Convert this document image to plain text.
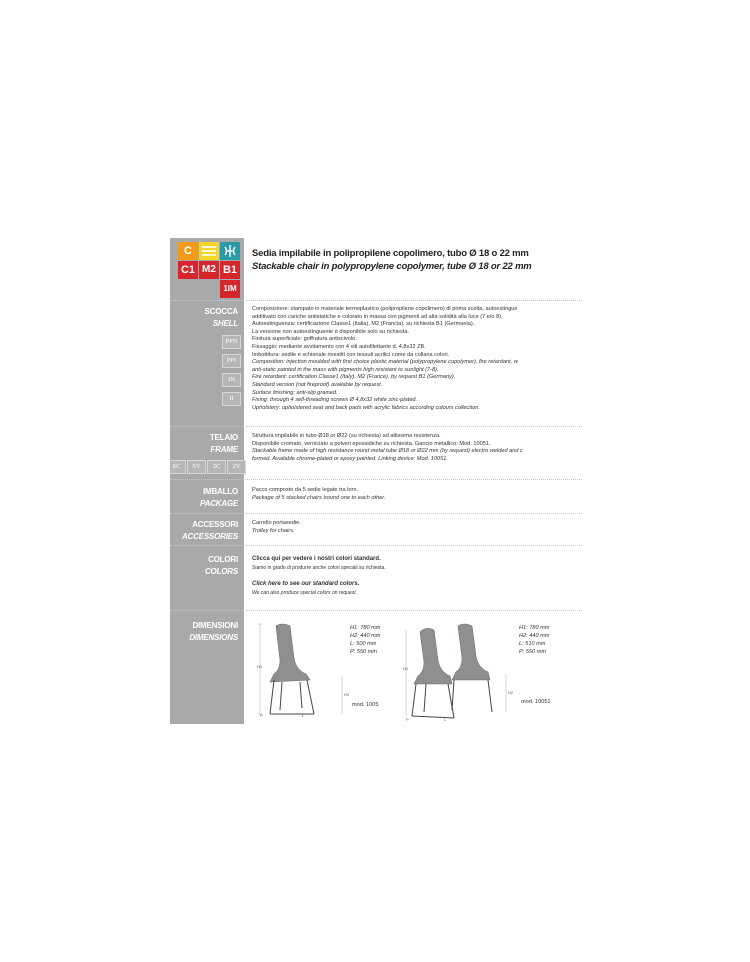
C
C1 M2 B1
1IM
Sedia impilabile in polipropilene copolimero, tubo Ø 18 o 22 mm
Stackable chair in polypropylene copolymer, tube Ø 18 or 22 mm
SCOCCA
SHELL
PPN
PPI
IN
II
Composizione: stampato in materiale termoplastico (polipropilene copolimero) di prima scelta, autoestingue
additivato con cariche antistatiche e colorato in massa con pigmenti ad alta solidità alla luce (7 e/o 8).
Autoestinguenza: certificazione Classe1 (Italia), M2 (Francia), su richiesta B1 (Germania).
La versione non autoestinguente è disponibile solo su richiesta.
Finitura superficiale: goffratura antiscivolo.
Fissaggio: mediante avvitamento con 4 viti autofilettante d. 4,8x32 ZB.
Imbottitura: sedile e schienale rivestiti con tessuti acrilici come da collana colori.
Composition: injection moulded with first choice plastic material (polypropylene copolymer), fire retardant, w
anti-static painted in the mass with pigments high resistant to sunlight (7-8).
Fire retardant: certification Classe1 (Italy), M2 (France), by request B1 (Germany).
Standard version (not fireproof) available by request.
Surface finishing: anti-slip grained.
Fixing: through 4 self-threading screws Ø 4,8x32 white zinc-plated.
Upholstery: upholstered seat and back pads with acrylic fabrics according colours collection.
TELAIO
FRAME
SC	SV	2C	2V
Struttura impilabile in tubo Ø18 or Ø22 (su richiesta) ad altissima resistenza.
Disponibile cromato, verniciato a polveri epossidiche su richiesta. Gancio metallico: Mod. 10051.
Stackable frame made of high resistance round metal tube Ø18 or Ø22 mm (by request) electro welded and c
formed. Available chrome-plated or epoxy painted. Linking device: Mod. 10051.
IMBALLO
PACKAGE
Pacco composto da 5 sedie legate tra loro.
Package of 5 stacked chairs bound one to each other.
ACCESSORI
ACCESSORIES
Carrello portasedie.
Trolley for chairs.
COLORI
COLORS
Clicca qui per vedere i nostri colori standard.
Siamo in grado di produrre anche colori speciali su richiesta.
Click here to see our standard colors.
We can also produce special colors on request.
DIMENSIONI
DIMENSIONS
H1
H2
P	L
H1: 780 mm
H2: 440 mm
L: 500 mm
P: 550 mm
mod. 1005
H1
H2
P	L
H1: 780 mm
H2: 440 mm
L: 510 mm
P: 550 mm
mod. 10051
